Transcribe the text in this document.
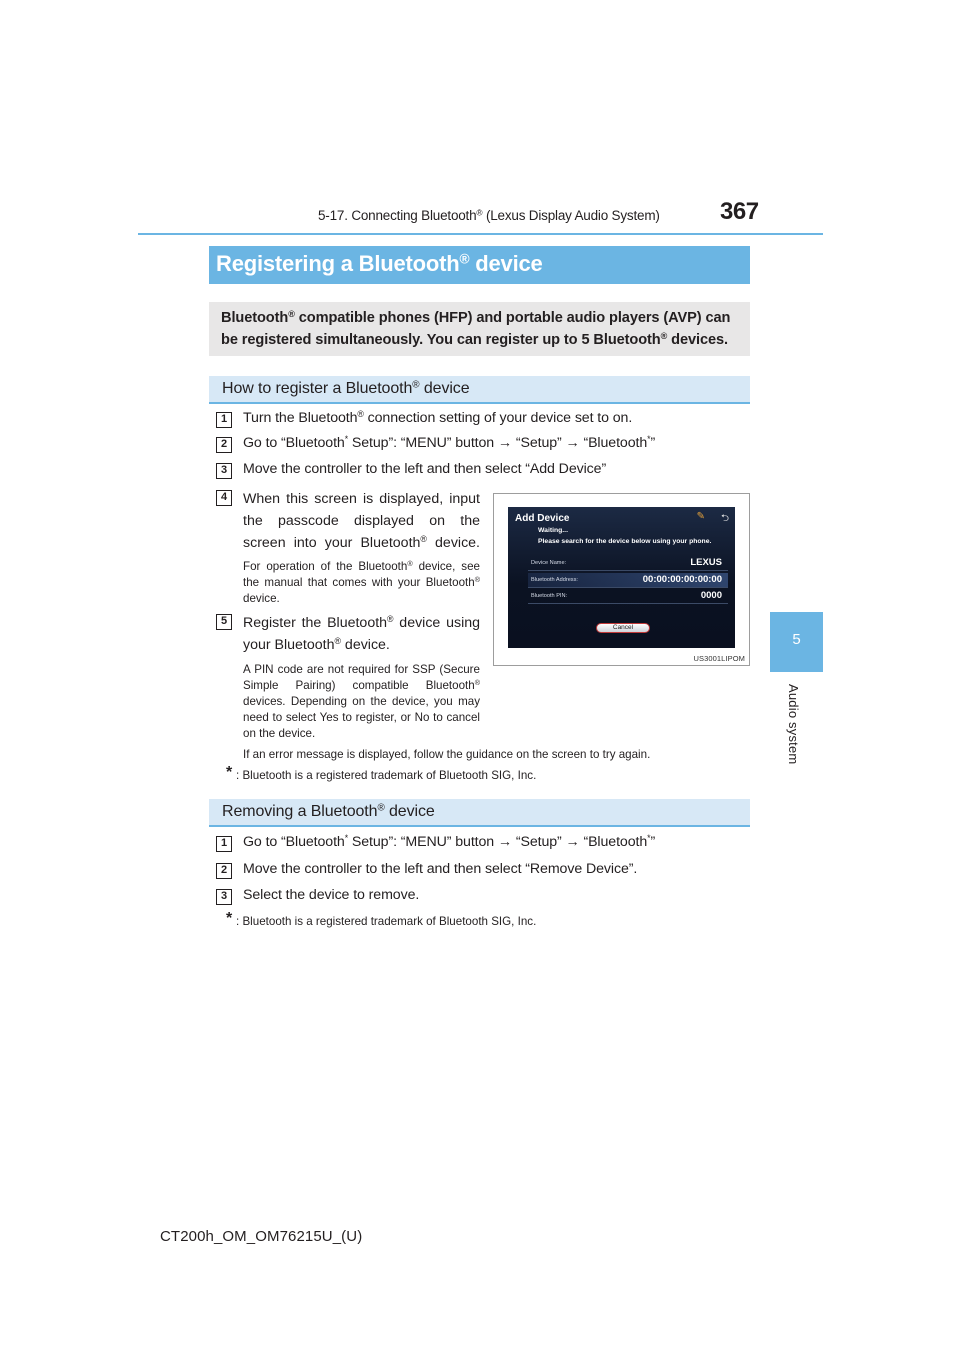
5-17. Connecting Bluetooth® (Lexus Display Audio System)	367
5
Audio system
Registering a Bluetooth® device
Bluetooth® compatible phones (HFP) and portable audio players (AVP) can
be registered simultaneously. You can register up to 5 Bluetooth® devices.
How to register a Bluetooth® device
1	Turn the Bluetooth® connection setting of your device set to on.
2	Go to “Bluetooth* Setup”: “MENU” button → “Setup” → “Bluetooth*”
3	Move the controller to the left and then select “Add Device”
4	When this screen is displayed, input the passcode displayed on the screen into your Bluetooth® device.
For operation of the Bluetooth® device, see the manual that comes with your Bluetooth® device.
5	Register the Bluetooth® device using your Bluetooth® device.
A PIN code are not required for SSP (Secure Simple Pairing) compatible Bluetooth® devices. Depending on the device, you may need to select Yes to register, or No to cancel on the device.
If an error message is displayed, follow the guidance on the screen to try again.
* : Bluetooth is a registered trademark of Bluetooth SIG, Inc.
Add Device	✎ ⮌
Waiting...
Please search for the device below using your phone.
Device Name:	LEXUS
Bluetooth Address:	00:00:00:00:00:00
Bluetooth PIN:	0000
Cancel
US3001LIPOM
Removing a Bluetooth® device
1	Go to “Bluetooth* Setup”: “MENU” button → “Setup” → “Bluetooth*”
2	Move the controller to the left and then select “Remove Device”.
3	Select the device to remove.
* : Bluetooth is a registered trademark of Bluetooth SIG, Inc.
CT200h_OM_OM76215U_(U)
